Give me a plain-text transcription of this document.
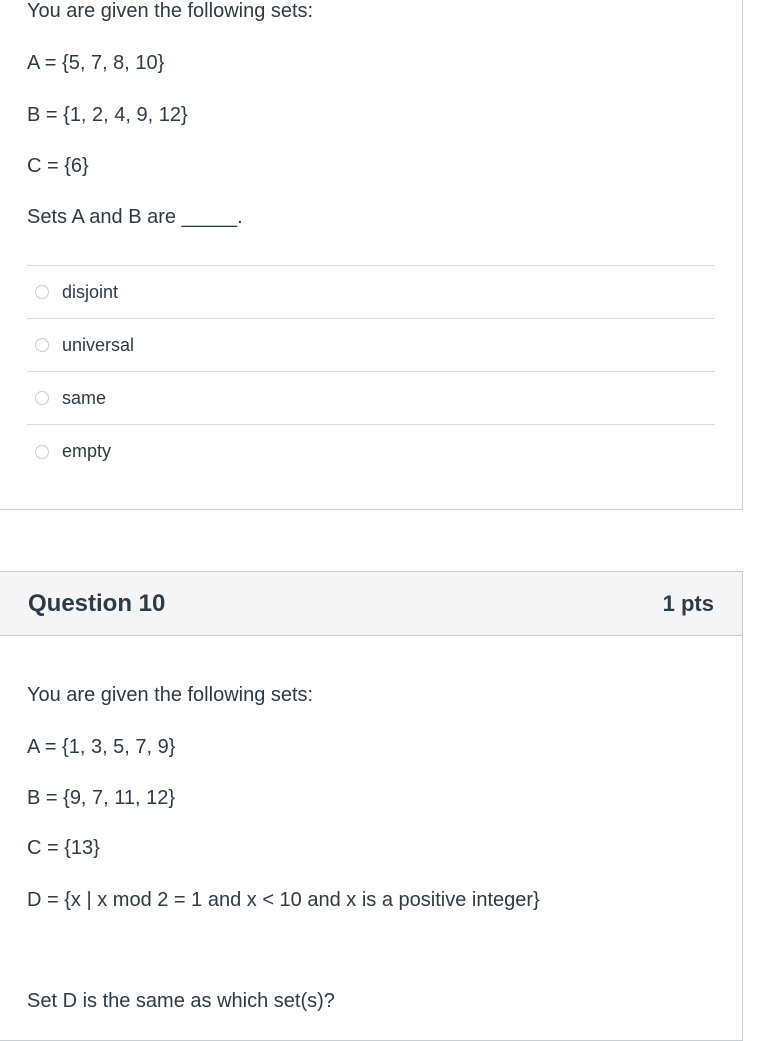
You are given the following sets:

A = {5, 7, 8, 10}

B = {1, 2, 4, 9, 12}

C = {6}

Sets A and B are _____.

disjoint
universal
same
empty
Question 10	1 pts

You are given the following sets:

A = {1, 3, 5, 7, 9}

B = {9, 7, 11, 12}

C = {13}

D = {x | x mod 2 = 1 and x < 10 and x is a positive integer}

Set D is the same as which set(s)?
